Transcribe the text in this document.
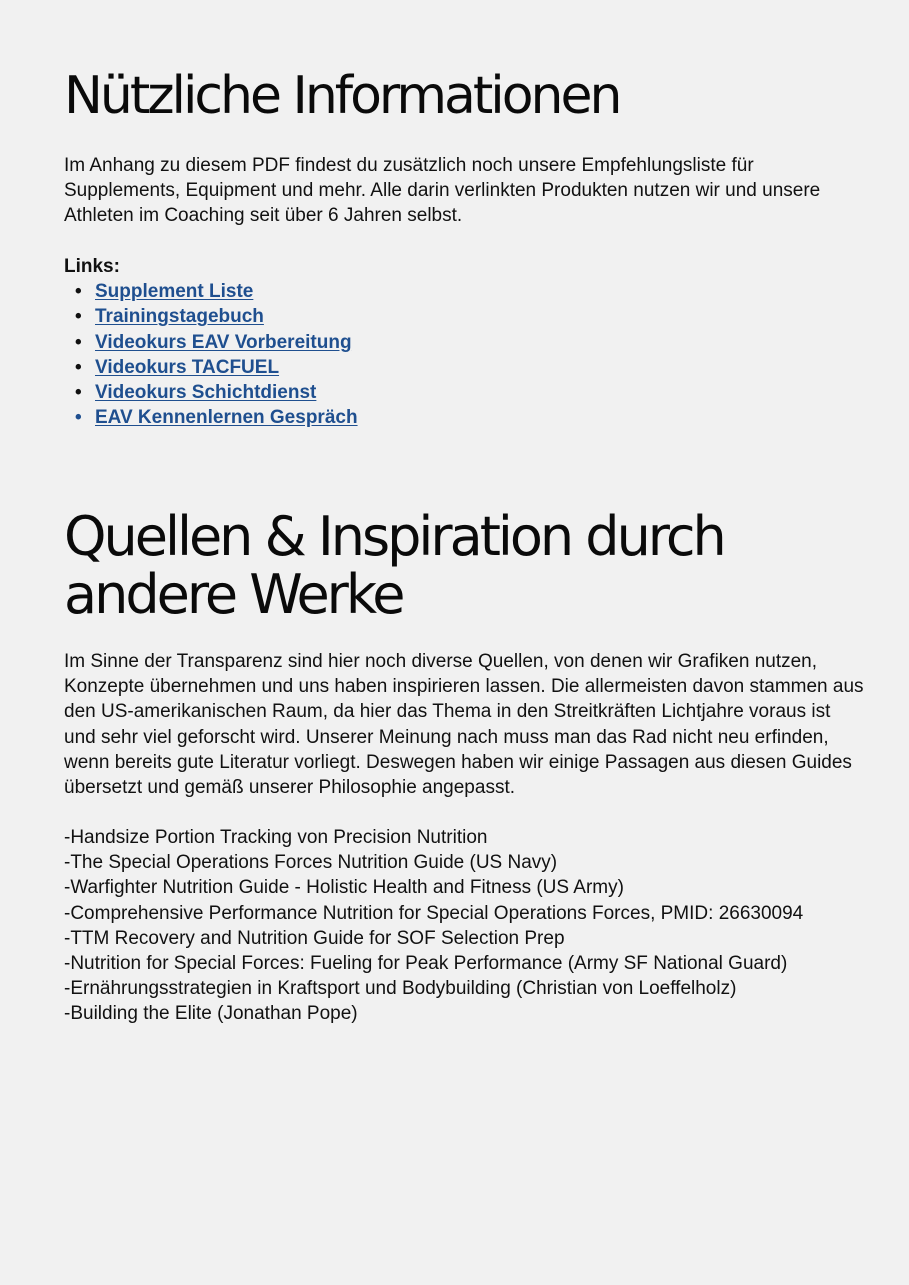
Nützliche Informationen

Im Anhang zu diesem PDF findest du zusätzlich noch unsere Empfehlungsliste für Supplements, Equipment und mehr. Alle darin verlinkten Produkten nutzen wir und unsere Athleten im Coaching seit über 6 Jahren selbst.

Links:

• Supplement Liste
• Trainingstagebuch
• Videokurs EAV Vorbereitung
• Videokurs TACFUEL
• Videokurs Schichtdienst
• EAV Kennenlernen Gespräch
Quellen & Inspiration durch andere Werke

Im Sinne der Transparenz sind hier noch diverse Quellen, von denen wir Grafiken nutzen, Konzepte übernehmen und uns haben inspirieren lassen. Die allermeisten davon stammen aus den US-amerikanischen Raum, da hier das Thema in den Streitkräften Lichtjahre voraus ist und sehr viel geforscht wird. Unserer Meinung nach muss man das Rad nicht neu erfinden, wenn bereits gute Literatur vorliegt. Deswegen haben wir einige Passagen aus diesen Guides übersetzt und gemäß unserer Philosophie angepasst.

-Handsize Portion Tracking von Precision Nutrition
-The Special Operations Forces Nutrition Guide (US Navy)
-Warfighter Nutrition Guide - Holistic Health and Fitness (US Army)
-Comprehensive Performance Nutrition for Special Operations Forces, PMID: 26630094
-TTM Recovery and Nutrition Guide for SOF Selection Prep
-Nutrition for Special Forces: Fueling for Peak Performance (Army SF National Guard)
-Ernährungsstrategien in Kraftsport und Bodybuilding (Christian von Loeffelholz)
-Building the Elite (Jonathan Pope)
